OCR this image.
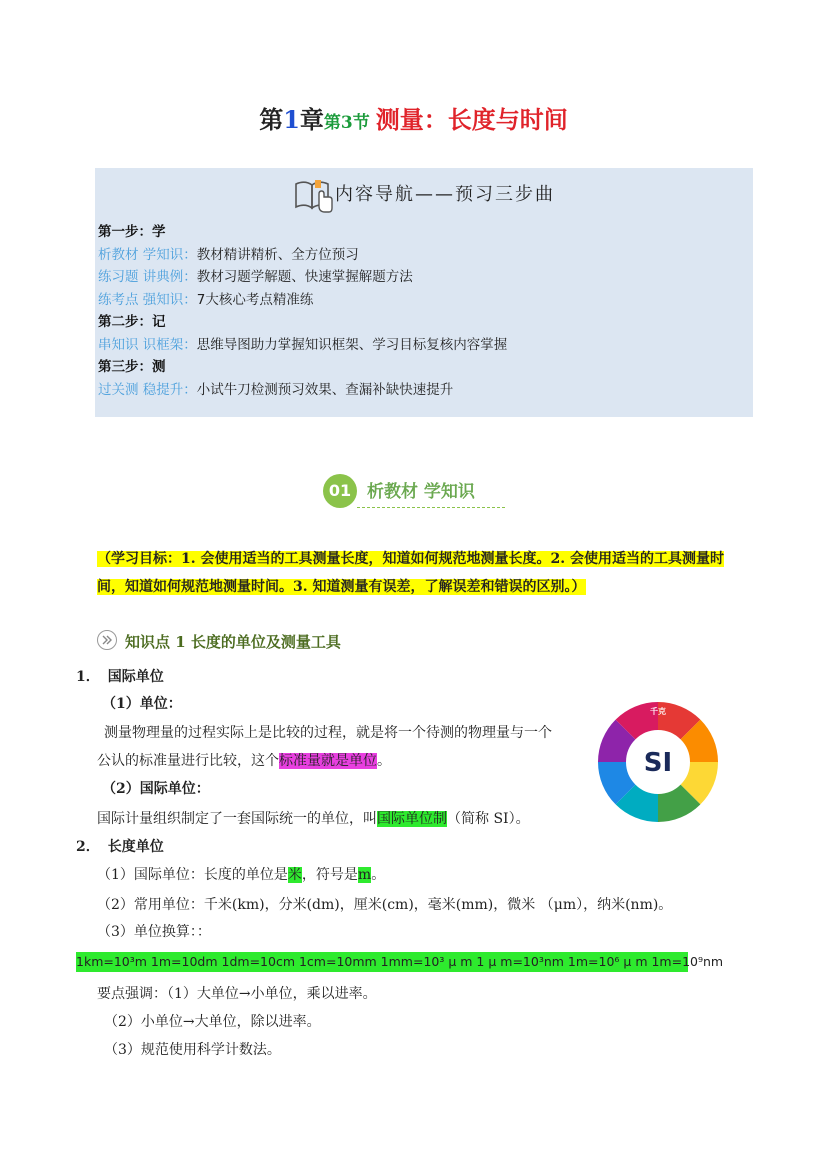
第1章第3节 测量：长度与时间
内容导航——预习三步曲
第一步：学
析教材 学知识：教材精讲精析、全方位预习
练习题 讲典例：教材习题学解题、快速掌握解题方法
练考点 强知识：7大核心考点精准练
第二步：记
串知识 识框架：思维导图助力掌握知识框架、学习目标复核内容掌握
第三步：测
过关测 稳提升：小试牛刀检测预习效果、查漏补缺快速提升
01 析教材 学知识
（学习目标：1. 会使用适当的工具测量长度，知道如何规范地测量长度。2. 会使用适当的工具测量时
间，知道如何规范地测量时间。3. 知道测量有误差，了解误差和错误的区别。）
知识点 1 长度的单位及测量工具
1． 国际单位
（1）单位：
测量物理量的过程实际上是比较的过程，就是将一个待测的物理量与一个
公认的标准量进行比较，这个标准量就是单位。
（2）国际单位：
国际计量组织制定了一套国际统一的单位，叫国际单位制（简称 SI）。
SI
千克
2． 长度单位
（1）国际单位：长度的单位是米，符号是m。
（2）常用单位：千米(km)，分米(dm)，厘米(cm)，毫米(mm)，微米 （μm），纳米(nm)。
（3）单位换算：：
1km=10³m 1m=10dm 1dm=10cm 1cm=10mm 1mm=10³ μ m 1 μ m=10³nm 1m=10⁶ μ m 1m=10⁹nm
要点强调：（1）大单位→小单位，乘以进率。
（2）小单位→大单位，除以进率。
（3）规范使用科学计数法。
